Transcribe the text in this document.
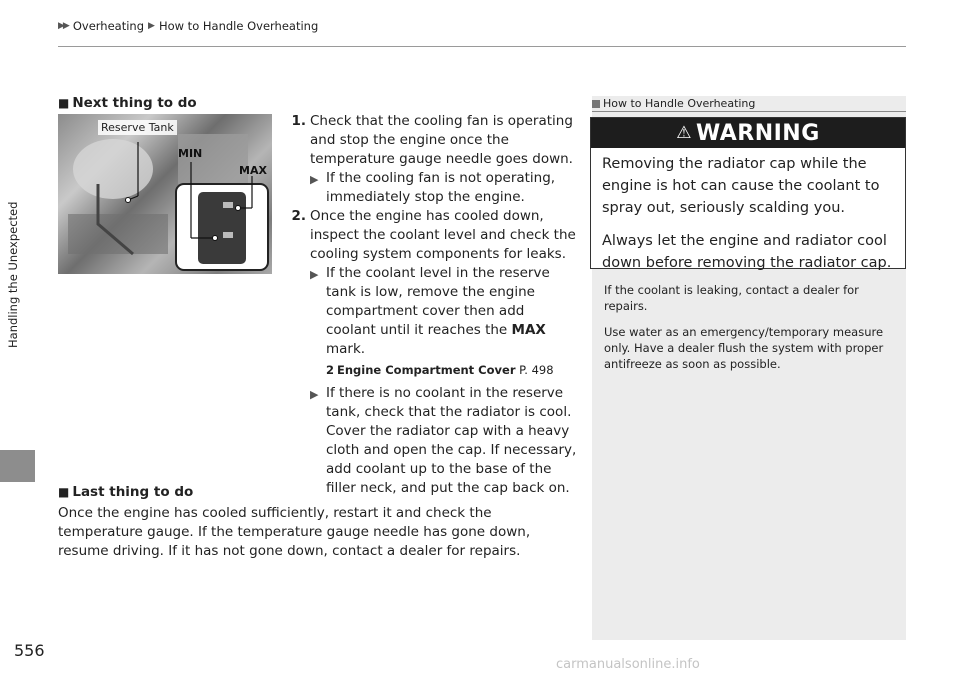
▶▶ Overheating ▶ How to Handle Overheating
Handling the Unexpected
556
■ Next thing to do
Reserve Tank
MIN
MAX
1. Check that the cooling fan is operating and stop the engine once the temperature gauge needle goes down.
▶ If the cooling fan is not operating, immediately stop the engine.
2. Once the engine has cooled down, inspect the coolant level and check the cooling system components for leaks.
▶ If the coolant level in the reserve tank is low, remove the engine compartment cover then add coolant until it reaches the MAX mark.
2 Engine Compartment Cover P. 498
▶ If there is no coolant in the reserve tank, check that the radiator is cool. Cover the radiator cap with a heavy cloth and open the cap. If necessary, add coolant up to the base of the filler neck, and put the cap back on.
■ Last thing to do
Once the engine has cooled sufficiently, restart it and check the temperature gauge. If the temperature gauge needle has gone down, resume driving. If it has not gone down, contact a dealer for repairs.
How to Handle Overheating
⚠ WARNING

Removing the radiator cap while the engine is hot can cause the coolant to spray out, seriously scalding you.

Always let the engine and radiator cool down before removing the radiator cap.

If the coolant is leaking, contact a dealer for repairs.

Use water as an emergency/temporary measure only. Have a dealer flush the system with proper antifreeze as soon as possible.

carmanualsonline.info
